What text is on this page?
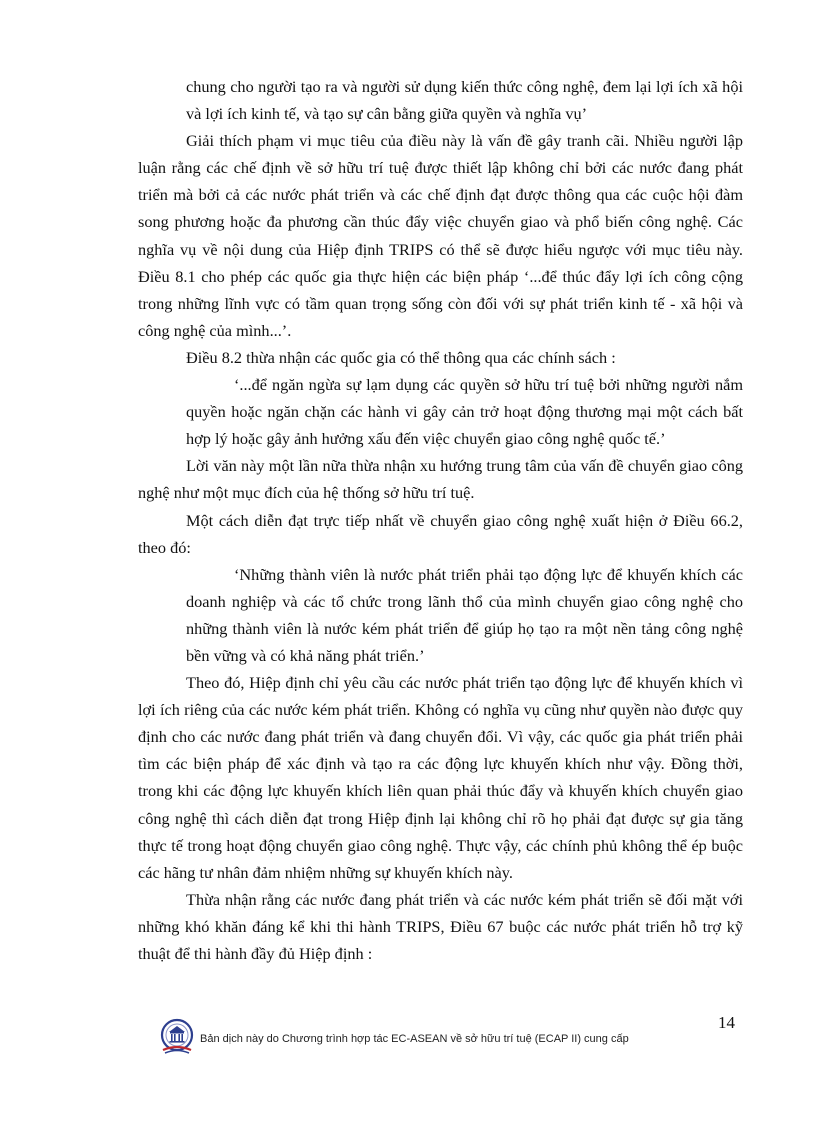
chung cho người tạo ra và người sử dụng kiến thức công nghệ, đem lại lợi ích xã hội và lợi ích kinh tế, và tạo sự cân bằng giữa quyền và nghĩa vụ’

Giải thích phạm vi mục tiêu của điều này là vấn đề gây tranh cãi. Nhiều người lập luận rằng các chế định về sở hữu trí tuệ được thiết lập không chỉ bởi các nước đang phát triển mà bởi cả các nước phát triển và các chế định đạt được thông qua các cuộc hội đàm song phương hoặc đa phương cần thúc đẩy việc chuyển giao và phổ biến công nghệ. Các nghĩa vụ về nội dung của Hiệp định TRIPS có thể sẽ được hiểu ngược với mục tiêu này. Điều 8.1 cho phép các quốc gia thực hiện các biện pháp ‘...để thúc đẩy lợi ích công cộng trong những lĩnh vực có tầm quan trọng sống còn đối với sự phát triển kinh tế - xã hội và công nghệ của mình...’.

Điều 8.2 thừa nhận các quốc gia có thể thông qua các chính sách :

‘...để ngăn ngừa sự lạm dụng các quyền sở hữu trí tuệ bởi những người nắm quyền hoặc ngăn chặn các hành vi gây cản trở hoạt động thương mại một cách bất hợp lý hoặc gây ảnh hưởng xấu đến việc chuyển giao công nghệ quốc tế.’

Lời văn này một lần nữa thừa nhận xu hướng trung tâm của vấn đề chuyển giao công nghệ như một mục đích của hệ thống sở hữu trí tuệ.

Một cách diễn đạt trực tiếp nhất về chuyển giao công nghệ xuất hiện ở Điều 66.2, theo đó:

‘Những thành viên là nước phát triển phải tạo động lực để khuyến khích các doanh nghiệp và các tổ chức trong lãnh thổ của mình chuyển giao công nghệ cho những thành viên là nước kém phát triển để giúp họ tạo ra một nền tảng công nghệ bền vững và có khả năng phát triển.’

Theo đó, Hiệp định chỉ yêu cầu các nước phát triển tạo động lực để khuyến khích vì lợi ích riêng của các nước kém phát triển. Không có nghĩa vụ cũng như quyền nào được quy định cho các nước đang phát triển và đang chuyển đổi. Vì vậy, các quốc gia phát triển phải tìm các biện pháp để xác định và tạo ra các động lực khuyến khích như vậy. Đồng thời, trong khi các động lực khuyến khích liên quan phải thúc đẩy và khuyến khích chuyển giao công nghệ thì cách diễn đạt trong Hiệp định lại không chỉ rõ họ phải đạt được sự gia tăng thực tế trong hoạt động chuyển giao công nghệ. Thực vậy, các chính phủ không thể ép buộc các hãng tư nhân đảm nhiệm những sự khuyến khích này.

Thừa nhận rằng các nước đang phát triển và các nước kém phát triển sẽ đối mặt với những khó khăn đáng kể khi thi hành TRIPS, Điều 67 buộc các nước phát triển hỗ trợ kỹ thuật để thi hành đầy đủ Hiệp định :

14
Bản dịch này do Chương trình hợp tác EC-ASEAN về sở hữu trí tuệ (ECAP II) cung cấp
